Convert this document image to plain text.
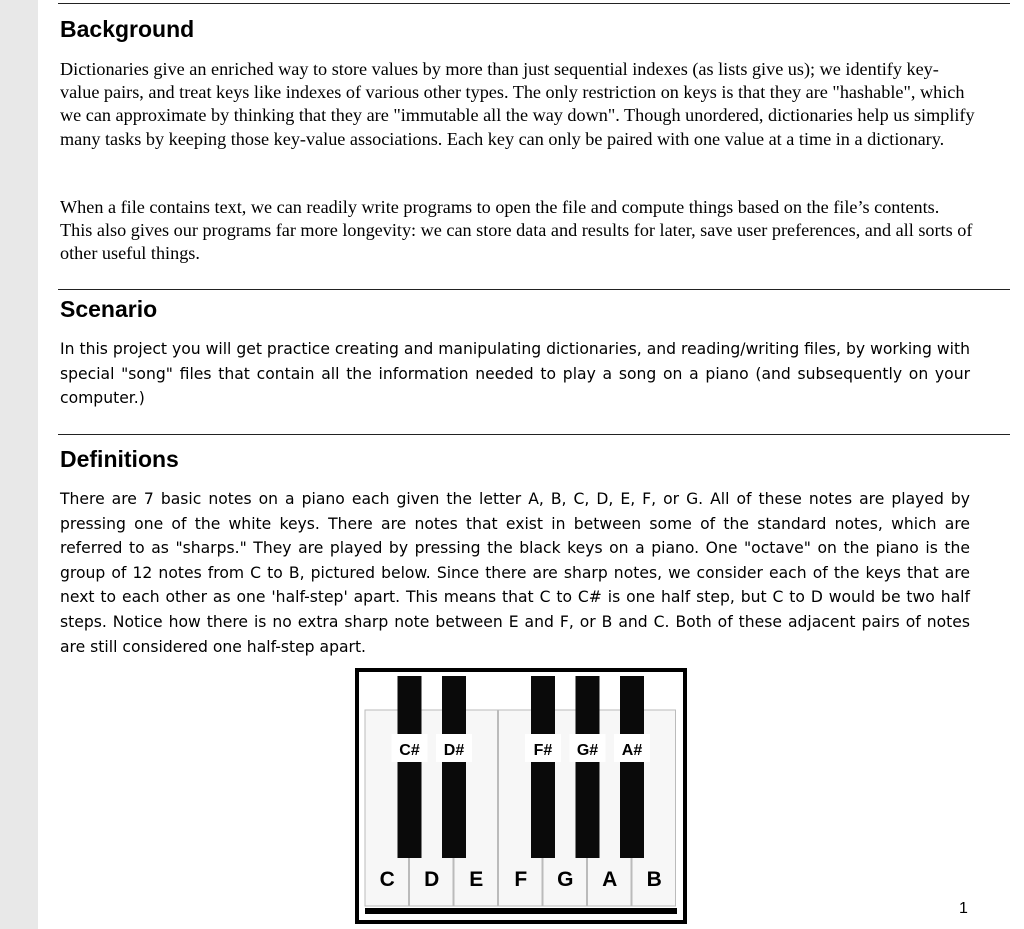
Background

Dictionaries give an enriched way to store values by more than just sequential indexes (as lists give us); we identify key-value pairs, and treat keys like indexes of various other types. The only restriction on keys is that they are "hashable", which we can approximate by thinking that they are "immutable all the way down". Though unordered, dictionaries help us simplify many tasks by keeping those key-value associations. Each key can only be paired with one value at a time in a dictionary.

When a file contains text, we can readily write programs to open the file and compute things based on the file’s contents. This also gives our programs far more longevity: we can store data and results for later, save user preferences, and all sorts of other useful things.

Scenario

In this project you will get practice creating and manipulating dictionaries, and reading/writing files, by working with special "song" files that contain all the information needed to play a song on a piano (and subsequently on your computer.)

Definitions

There are 7 basic notes on a piano each given the letter A, B, C, D, E, F, or G. All of these notes are played by pressing one of the white keys. There are notes that exist in between some of the standard notes, which are referred to as "sharps." They are played by pressing the black keys on a piano. One "octave" on the piano is the group of 12 notes from C to B, pictured below. Since there are sharp notes, we consider each of the keys that are next to each other as one 'half-step' apart. This means that C to C# is one half step, but C to D would be two half steps. Notice how there is no extra sharp note between E and F, or B and C. Both of these adjacent pairs of notes are still considered one half-step apart.

C D E F G A B
C# D#	F# G# A#
1
